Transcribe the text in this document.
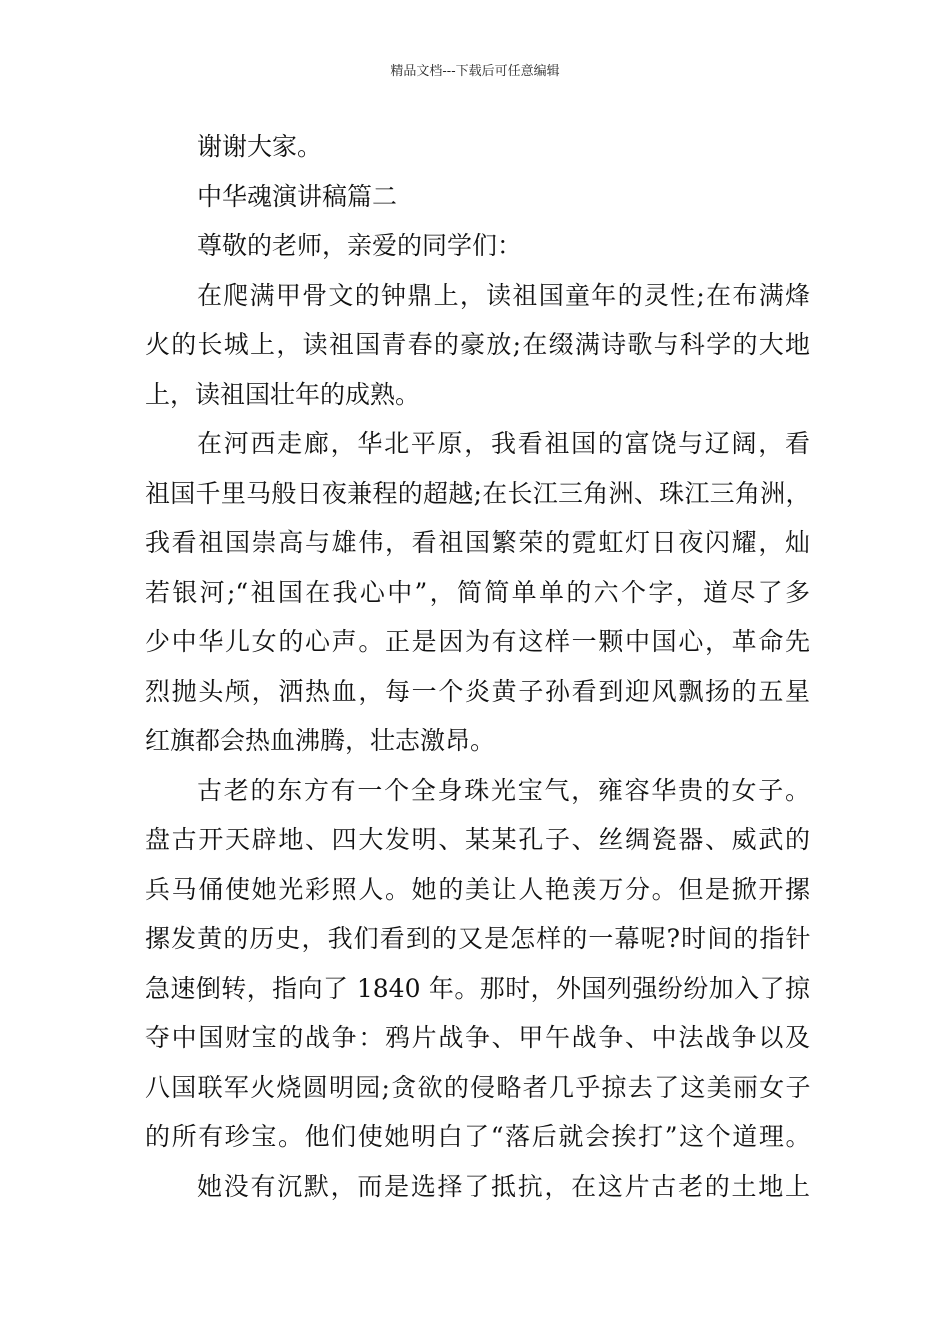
精品文档---下载后可任意编辑

谢谢大家。

中华魂演讲稿篇二

尊敬的老师，亲爱的同学们：

在爬满甲骨文的钟鼎上，读祖国童年的灵性;在布满烽
火的长城上，读祖国青春的豪放;在缀满诗歌与科学的大地
上，读祖国壮年的成熟。

在河西走廊，华北平原，我看祖国的富饶与辽阔，看
祖国千里马般日夜兼程的超越;在长江三角洲、珠江三角洲，
我看祖国崇高与雄伟，看祖国繁荣的霓虹灯日夜闪耀，灿
若银河;“祖国在我心中”，简简单单的六个字，道尽了多
少中华儿女的心声。正是因为有这样一颗中国心，革命先
烈抛头颅，洒热血，每一个炎黄子孙看到迎风飘扬的五星
红旗都会热血沸腾，壮志激昂。

古老的东方有一个全身珠光宝气，雍容华贵的女子。
盘古开天辟地、四大发明、某某孔子、丝绸瓷器、威武的
兵马俑使她光彩照人。她的美让人艳羡万分。但是掀开摞
摞发黄的历史，我们看到的又是怎样的一幕呢?时间的指针
急速倒转，指向了 1840 年。那时，外国列强纷纷加入了掠
夺中国财宝的战争：鸦片战争、甲午战争、中法战争以及
八国联军火烧圆明园;贪欲的侵略者几乎掠去了这美丽女子
的所有珍宝。他们使她明白了“落后就会挨打”这个道理。

她没有沉默，而是选择了抵抗，在这片古老的土地上
